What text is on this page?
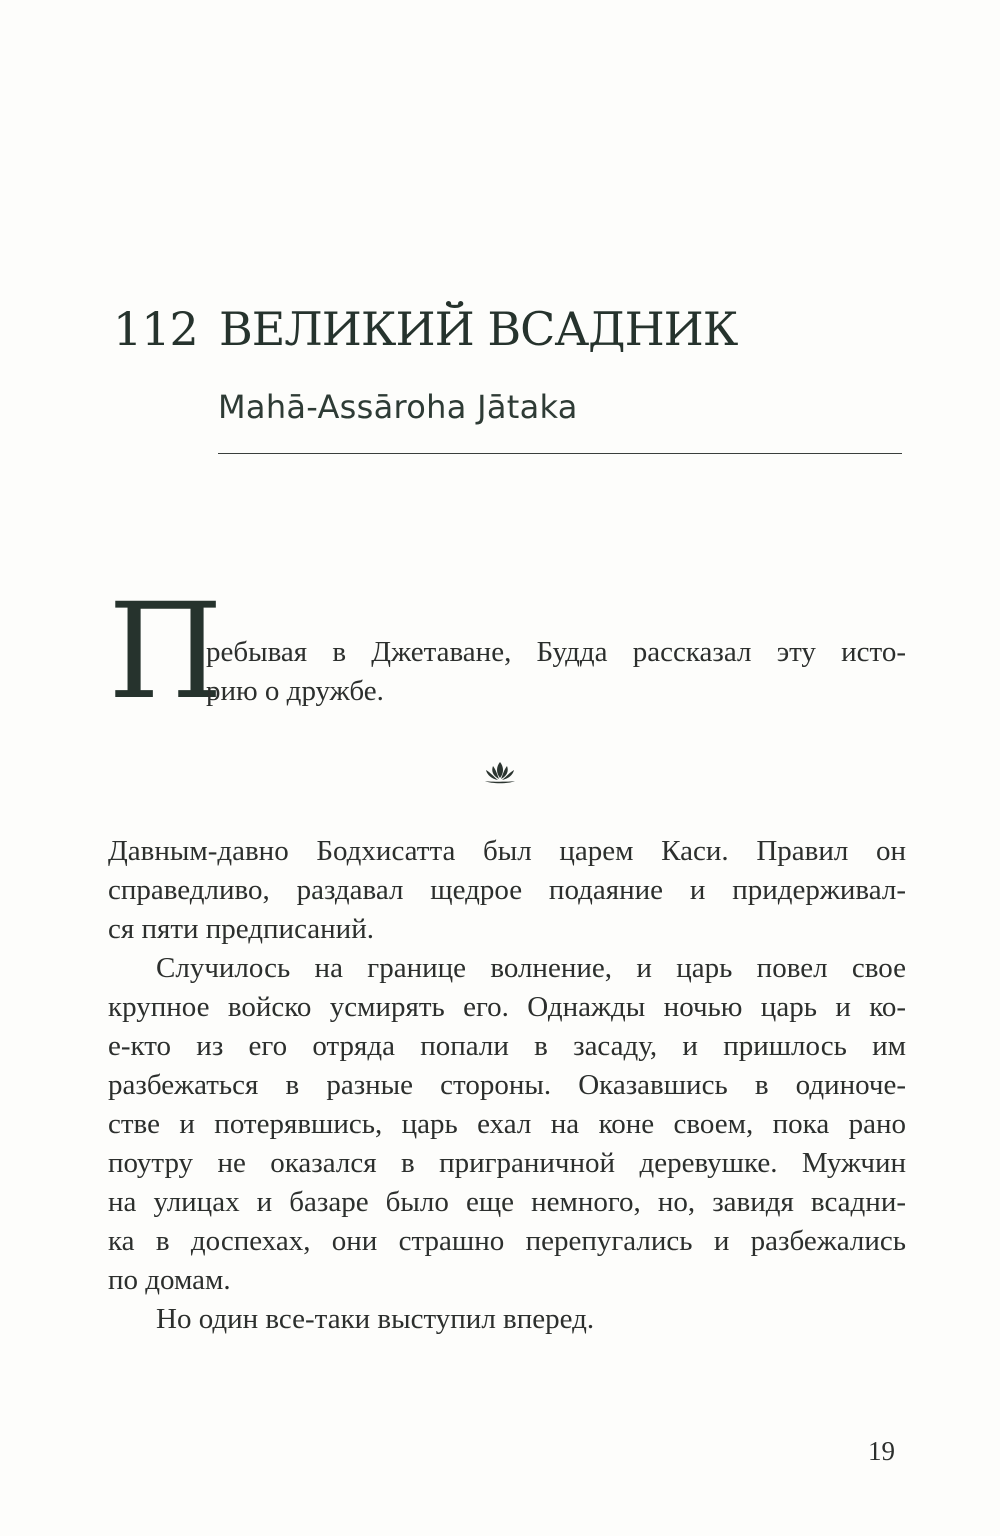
112 ВЕЛИКИЙ ВСАДНИК
Mahā-Assāroha Jātaka
П
ребывая в Джетаване, Будда рассказал эту исто-
рию о дружбе.

Давным-давно Бодхисатта был царем Каси. Правил он
справедливо, раздавал щедрое подаяние и придерживал-
ся пяти предписаний.

Случилось на границе волнение, и царь повел свое
крупное войско усмирять его. Однажды ночью царь и ко-
е-кто из его отряда попали в засаду, и пришлось им
разбежаться в разные стороны. Оказавшись в одиноче-
стве и потерявшись, царь ехал на коне своем, пока рано
поутру не оказался в приграничной деревушке. Мужчин
на улицах и базаре было еще немного, но, завидя всадни-
ка в доспехах, они страшно перепугались и разбежались
по домам.

Но один все-таки выступил вперед.

19
